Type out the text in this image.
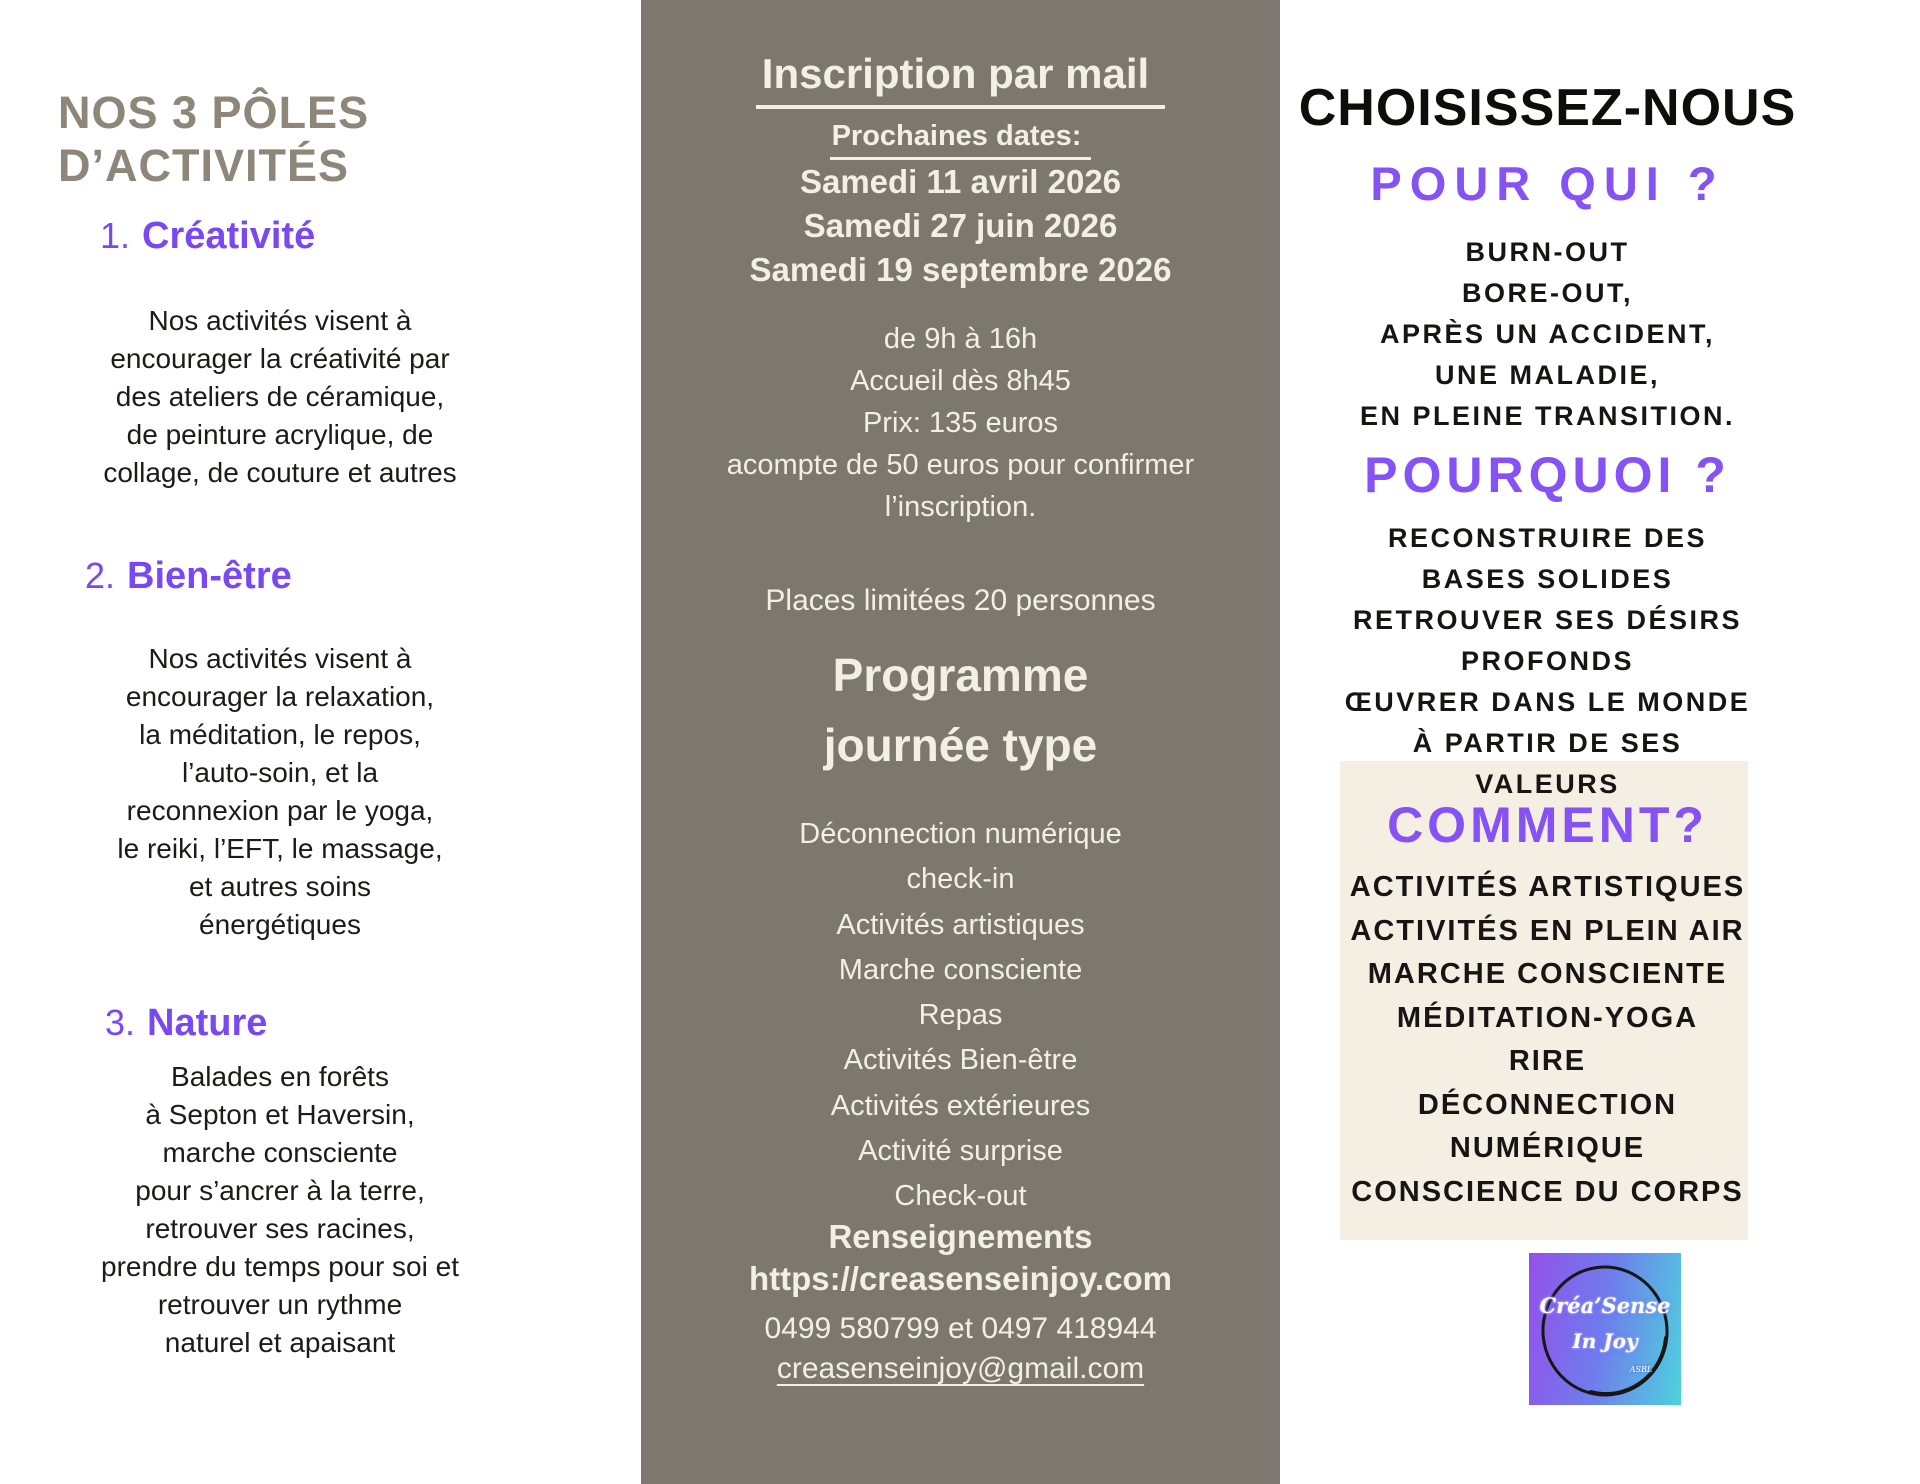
NOS 3 PÔLES
D’ACTIVITÉS
1. Créativité
Nos activités visent à
encourager la créativité par
des ateliers de céramique,
de peinture acrylique, de
collage, de couture et autres
2. Bien-être
Nos activités visent à
encourager la relaxation,
la méditation, le repos,
l’auto-soin, et la
reconnexion par le yoga,
le reiki, l’EFT, le massage,
et autres soins
énergétiques
3. Nature
Balades en forêts
à Septon et Haversin,
marche consciente
pour s’ancrer à la terre,
retrouver ses racines,
prendre du temps pour soi et
retrouver un rythme
naturel et apaisant
Inscription par mail
Prochaines dates:
Samedi 11 avril 2026
Samedi 27 juin 2026
Samedi 19 septembre 2026
de 9h à 16h
Accueil dès 8h45
Prix: 135 euros
acompte de 50 euros pour confirmer
l’inscription.
Places limitées 20 personnes
Programme
journée type
Déconnection numérique
check-in
Activités artistiques
Marche consciente
Repas
Activités Bien-être
Activités extérieures
Activité surprise
Check-out
Renseignements
https://creasenseinjoy.com
0499 580799 et 0497 418944
creasenseinjoy@gmail.com
CHOISISSEZ-NOUS
POUR QUI ?
BURN-OUT
BORE-OUT,
APRÈS UN ACCIDENT,
UNE MALADIE,
EN PLEINE TRANSITION.
POURQUOI ?
RECONSTRUIRE DES
BASES SOLIDES
RETROUVER SES DÉSIRS
PROFONDS
ŒUVRER DANS LE MONDE
À PARTIR DE SES
VALEURS
COMMENT?
ACTIVITÉS ARTISTIQUES
ACTIVITÉS EN PLEIN AIR
MARCHE CONSCIENTE
MÉDITATION-YOGA
RIRE
DÉCONNECTION
NUMÉRIQUE
CONSCIENCE DU CORPS
Créa’Sense
In Joy
ASBL
